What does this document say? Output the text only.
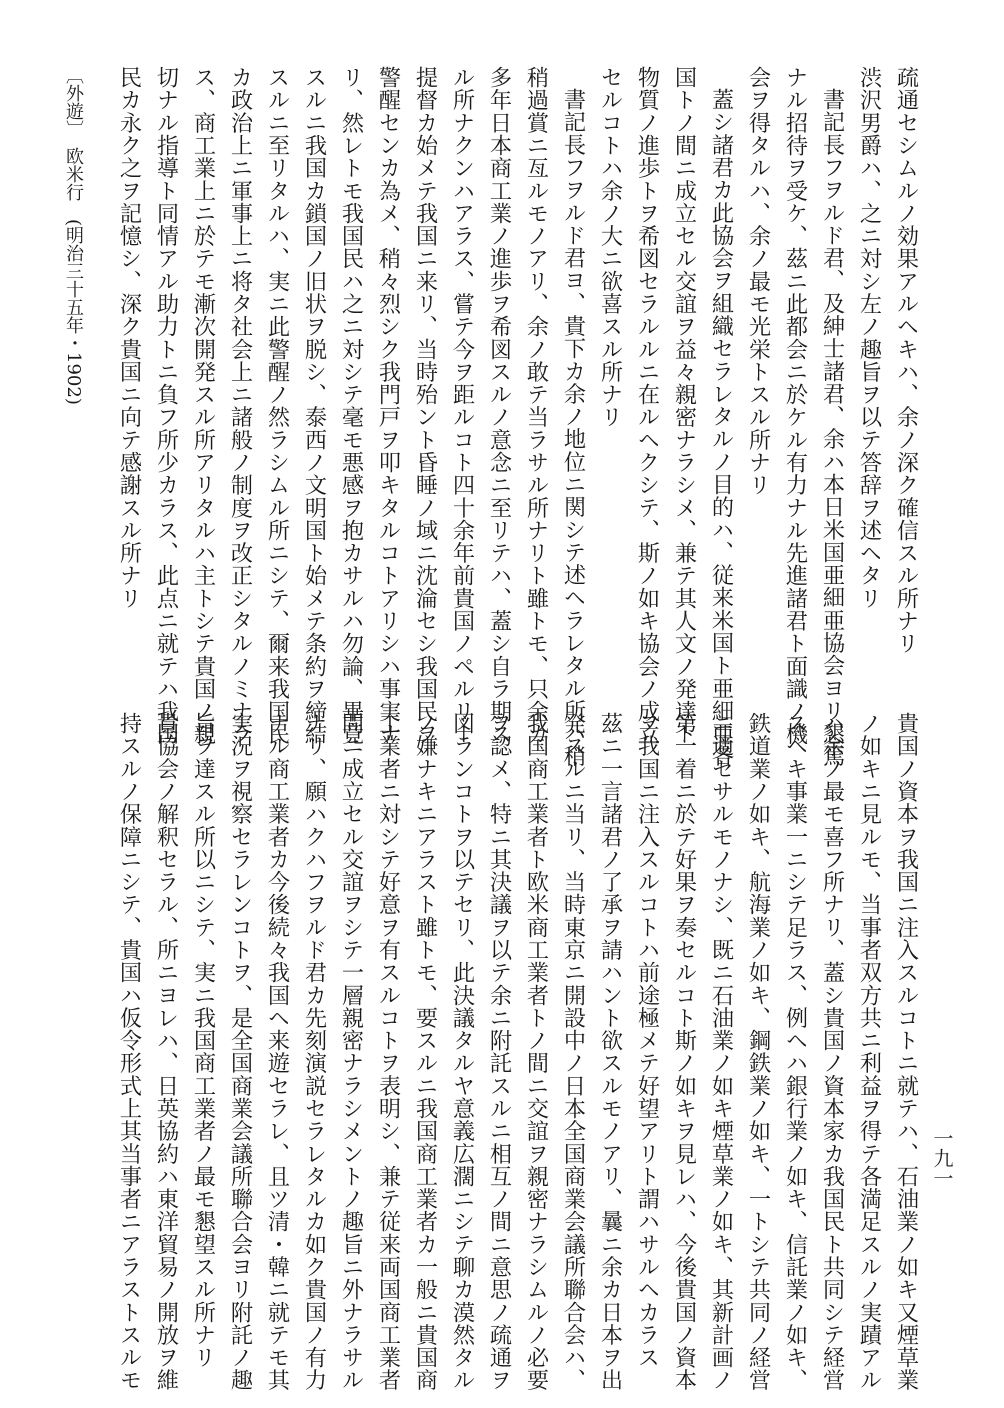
疏通セシムルノ効果アルヘキハ、余ノ深ク確信スル所ナリ
渋沢男爵ハ、之ニ対シ左ノ趣旨ヲ以テ答辞ヲ述ヘタリ
書記長フヲルド君、及紳士諸君、余ハ本日米国亜細亜協会ヨリ懇篤
ナル招待ヲ受ケ、茲ニ此都会ニ於ケル有力ナル先進諸君ト面識ノ機
会ヲ得タルハ、余ノ最モ光栄トスル所ナリ
蓋シ諸君カ此協会ヲ組織セラレタルノ目的ハ、従来米国ト亜細亜各
国トノ間ニ成立セル交誼ヲ益々親密ナラシメ、兼テ其人文ノ発達ト
物質ノ進歩トヲ希図セラルルニ在ルヘクシテ、斯ノ如キ協会ノ成立
セルコトハ余ノ大ニ欲喜スル所ナリ
書記長フヲルド君ヨ、貴下カ余ノ地位ニ関シテ述ヘラレタル所ハ稍
稍過賞ニ亙ルモノアリ、余ノ敢テ当ラサル所ナリト雖トモ、只余カ
多年日本商工業ノ進歩ヲ希図スルノ意念ニ至リテハ、蓋シ自ラ期ス
ル所ナクンハアラス、嘗テ今ヲ距ルコト四十余年前貴国ノペルリー
提督カ始メテ我国ニ来リ、当時殆ント昏睡ノ域ニ沈淪セシ我国民ヲ
警醒センカ為メ、稍々烈シク我門戸ヲ叩キタルコトアリシハ事実ナ
リ、然レトモ我国民ハ之ニ対シテ毫モ悪感ヲ抱カサルハ勿論、畢竟
スルニ我国カ鎖国ノ旧状ヲ脱シ、泰西ノ文明国ト始メテ条約ヲ締結
スルニ至リタルハ、実ニ此警醒ノ然ラシムル所ニシテ、爾来我国民
カ政治上ニ軍事上ニ将タ社会上ニ諸般ノ制度ヲ改正シタルノミナラ
ス、商工業上ニ於テモ漸次開発スル所アリタルハ主トシテ貴国ノ親
切ナル指導ト同情アル助力トニ負フ所少カラス、此点ニ就テハ我国
民カ永ク之ヲ記憶シ、深ク貴国ニ向テ感謝スル所ナリ
貴国ノ資本ヲ我国ニ注入スルコトニ就テハ、石油業ノ如キ又煙草業
ノ如キニ見ルモ、当事者双方共ニ利益ヲ得テ各満足スルノ実蹟アル
ハ余ノ最モ喜フ所ナリ、蓋シ貴国ノ資本家カ我国民ト共同シテ経営
スヘキ事業一ニシテ足ラス、例ヘハ銀行業ノ如キ、信託業ノ如キ、
鉄道業ノ如キ、航海業ノ如キ、鋼鉄業ノ如キ、一トシテ共同ノ経営
ニ適セサルモノナシ、既ニ石油業ノ如キ煙草業ノ如キ、其新計画ノ
第一着ニ於テ好果ヲ奏セルコト斯ノ如キヲ見レハ、今後貴国ノ資本
ヲ我国ニ注入スルコトハ前途極メテ好望アリト謂ハサルヘカラス
茲ニ一言諸君ノ了承ヲ請ハント欲スルモノアリ、曩ニ余カ日本ヲ出
発スルニ当リ、当時東京ニ開設中ノ日本全国商業会議所聯合会ハ、
我国商工業者ト欧米商工業者トノ間ニ交誼ヲ親密ナラシムルノ必要
ヲ認メ、特ニ其決議ヲ以テ余ニ附託スルニ相互ノ間ニ意思ノ疏通ヲ
図ランコトヲ以テセリ、此決議タルヤ意義広濶ニシテ聊カ漠然タル
ノ嫌ナキニアラスト雖トモ、要スルニ我国商工業者カ一般ニ貴国商
工業者ニ対シテ好意ヲ有スルコトヲ表明シ、兼テ従来両国商工業者
間ニ成立セル交誼ヲシテ一層親密ナラシメントノ趣旨ニ外ナラサル
ナリ、願ハクハフヲルド君カ先刻演説セラレタルカ如ク貴国ノ有力
ナル商工業者カ今後続々我国ヘ来遊セラレ、且ツ清・韓ニ就テモ其
実況ヲ視察セラレンコトヲ、是全国商業会議所聯合会ヨリ附託ノ趣
旨ヲ達スル所以ニシテ、実ニ我国商工業者ノ最モ懇望スル所ナリ
貴協会ノ解釈セラル、所ニヨレハ、日英協約ハ東洋貿易ノ開放ヲ維
持スルノ保障ニシテ、貴国ハ仮令形式上其当事者ニアラストスルモ
〔外遊〕　欧米行　(明治三十五年・1902)
一九一
